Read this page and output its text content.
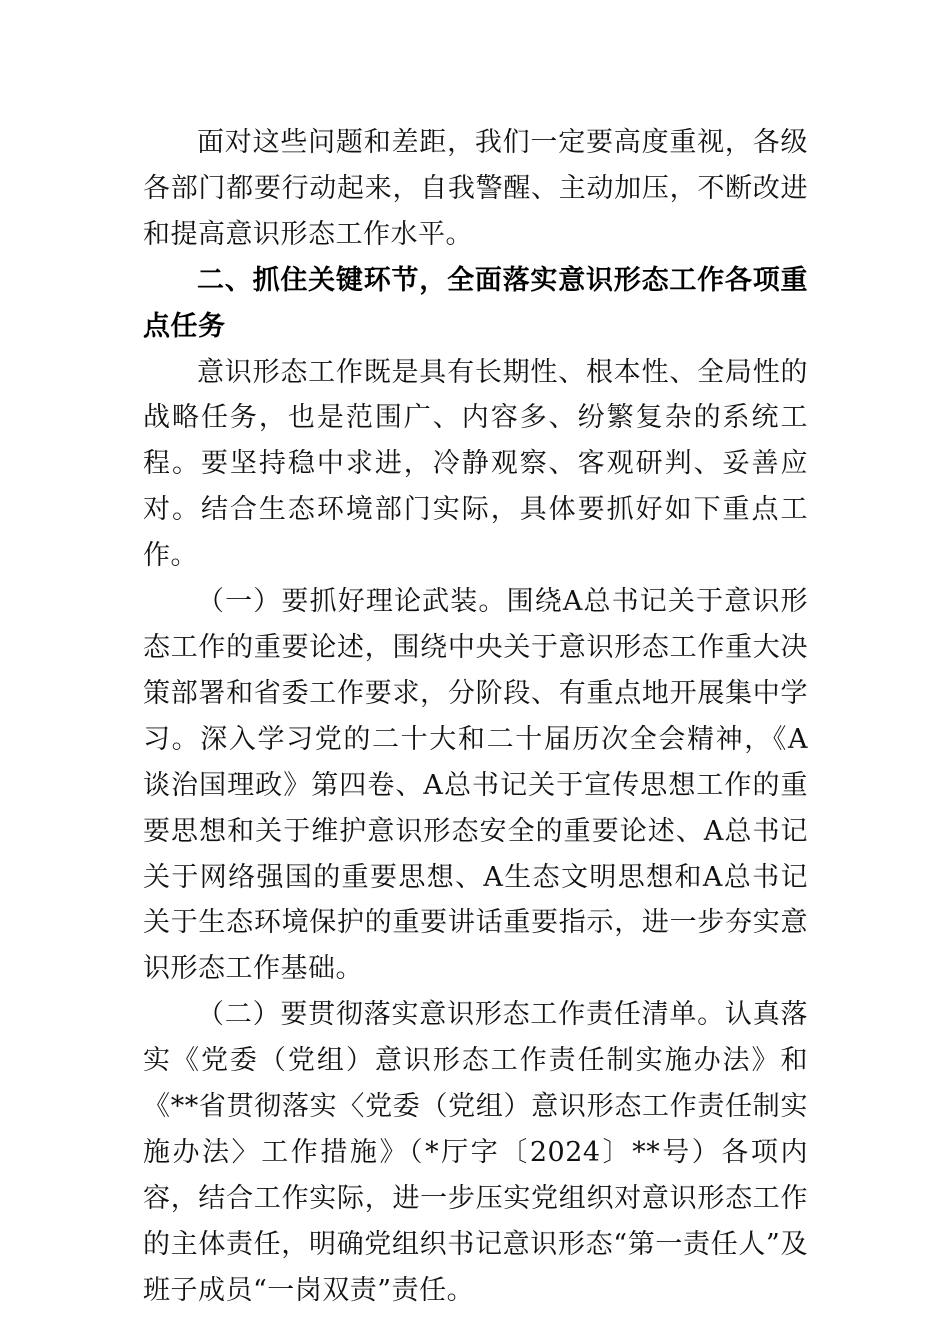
面对这些问题和差距，我们一定要高度重视，各级各部门都要行动起来，自我警醒、主动加压，不断改进和提高意识形态工作水平。

二、抓住关键环节，全面落实意识形态工作各项重点任务

意识形态工作既是具有长期性、根本性、全局性的战略任务，也是范围广、内容多、纷繁复杂的系统工程。要坚持稳中求进，冷静观察、客观研判、妥善应对。结合生态环境部门实际，具体要抓好如下重点工作。

（一）要抓好理论武装。围绕A总书记关于意识形态工作的重要论述，围绕中央关于意识形态工作重大决策部署和省委工作要求，分阶段、有重点地开展集中学习。深入学习党的二十大和二十届历次全会精神，《A谈治国理政》第四卷、A总书记关于宣传思想工作的重要思想和关于维护意识形态安全的重要论述、A总书记关于网络强国的重要思想、A生态文明思想和A总书记关于生态环境保护的重要讲话重要指示，进一步夯实意识形态工作基础。

（二）要贯彻落实意识形态工作责任清单。认真落实《党委（党组）意识形态工作责任制实施办法》和《**省贯彻落实〈党委（党组）意识形态工作责任制实施办法〉工作措施》（*厅字〔2024〕**号）各项内容，结合工作实际，进一步压实党组织对意识形态工作的主体责任，明确党组织书记意识形态“第一责任人”及班子成员“一岗双责”责任。
